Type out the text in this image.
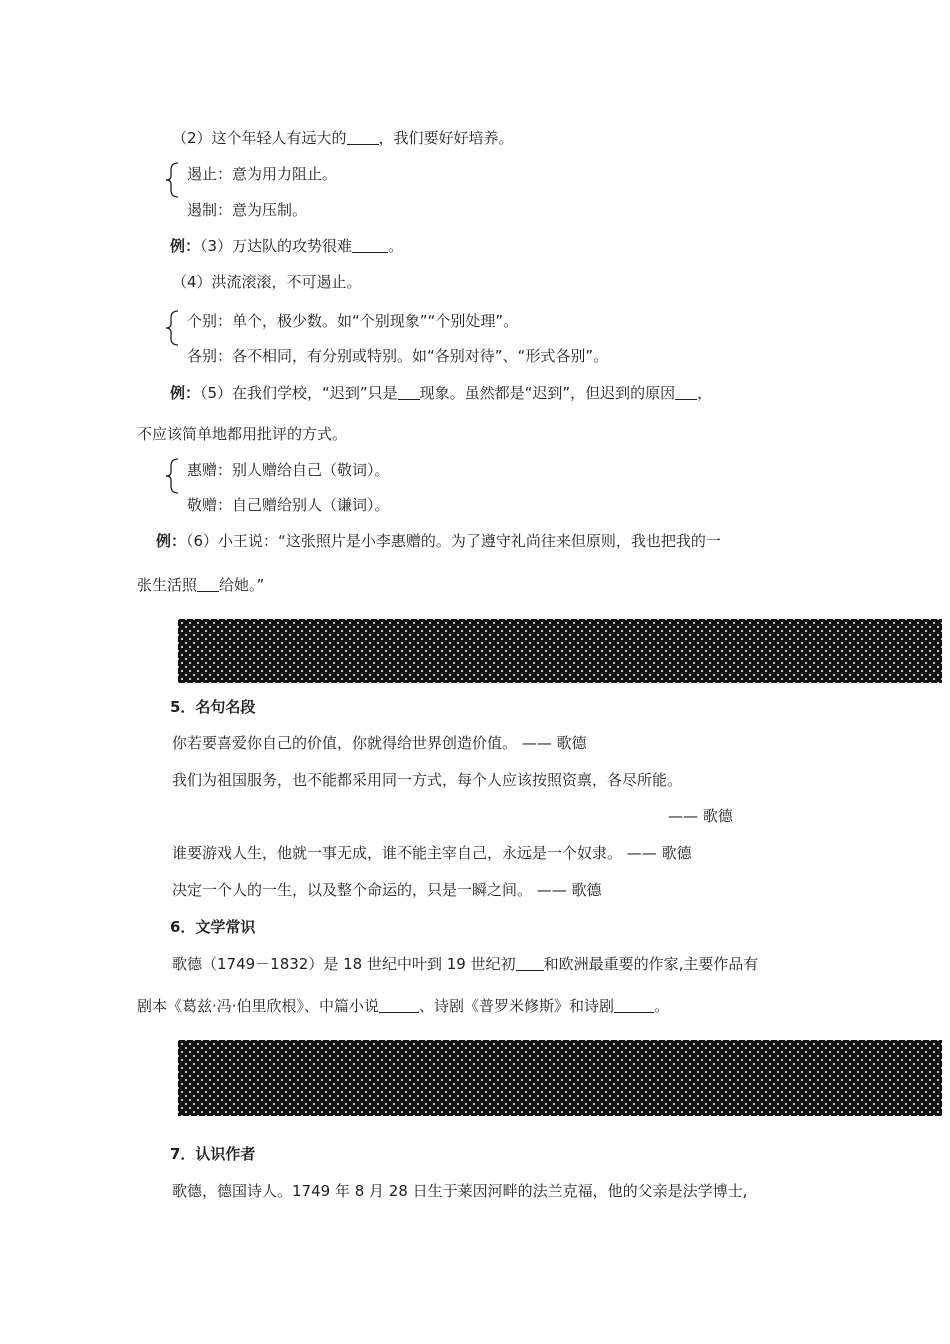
（2）这个年轻人有远大的 ，我们要好好培养。
遏止：意为用力阻止。
遏制：意为压制。
例：（3）万达队的攻势很难 。
（4）洪流滚滚，不可遏止。
个别：单个，极少数。如“个别现象”“个别处理”。
各别：各不相同，有分别或特别。如“各别对待”、“形式各别”。
例：（5）在我们学校，“迟到”只是 现象。虽然都是“迟到”，但迟到的原因 ，
不应该简单地都用批评的方式。
惠赠：别人赠给自己（敬词）。
敬赠：自己赠给别人（谦词）。
例：（6）小王说：“这张照片是小李惠赠的。为了遵守礼尚往来但原则，我也把我的一
张生活照 给她。”
5．名句名段
你若要喜爱你自己的价值，你就得给世界创造价值。 —— 歌德
我们为祖国服务，也不能都采用同一方式，每个人应该按照资禀，各尽所能。
—— 歌德
谁要游戏人生，他就一事无成，谁不能主宰自己，永远是一个奴隶。 —— 歌德
决定一个人的一生，以及整个命运的，只是一瞬之间。 —— 歌德
6．文学常识
歌德（1749－1832）是 18 世纪中叶到 19 世纪初 和欧洲最重要的作家,主要作品有
剧本《葛兹·冯·伯里欣根》、中篇小说	、诗剧《普罗米修斯》和诗剧	。
7．认识作者
歌德，德国诗人。1749 年 8 月 28 日生于莱因河畔的法兰克福，他的父亲是法学博士,
